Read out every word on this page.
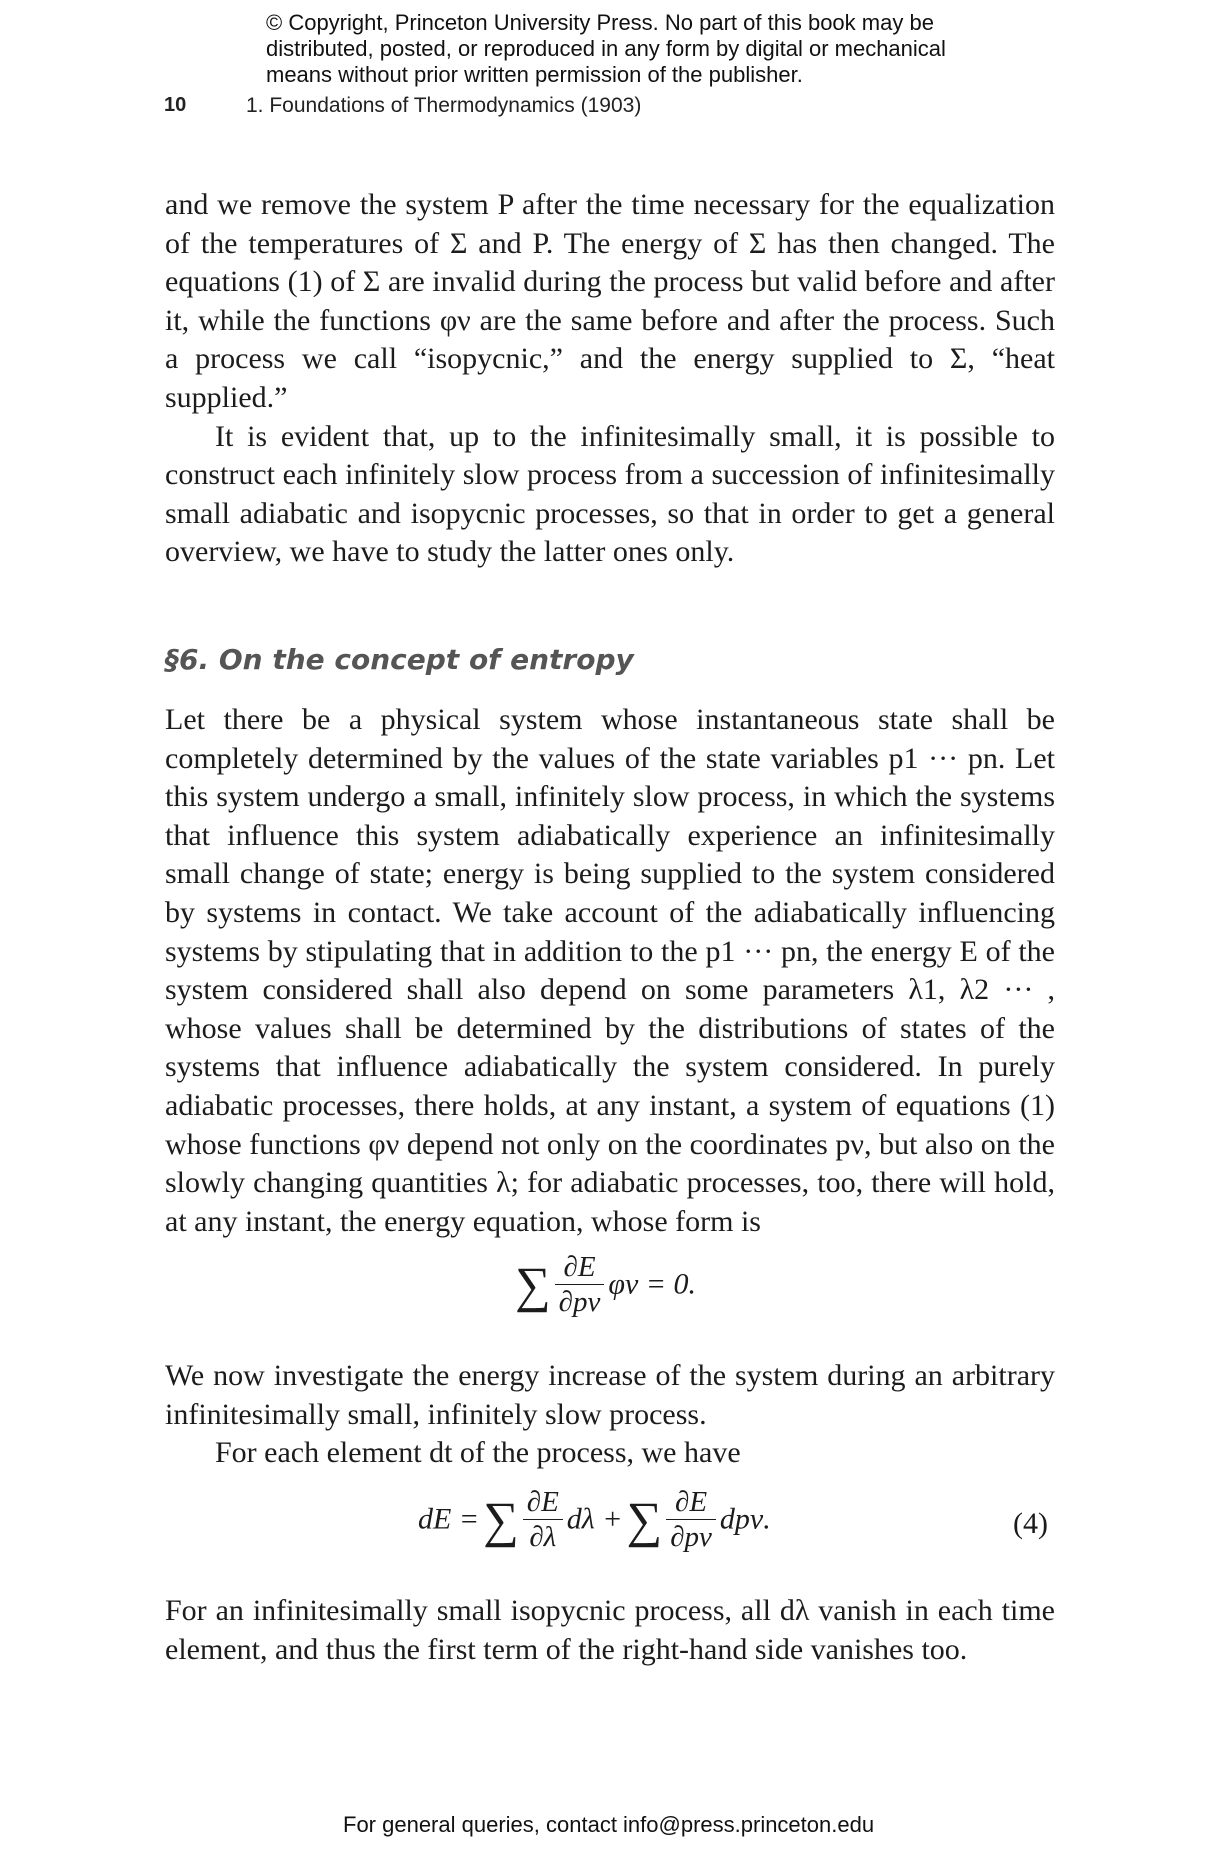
© Copyright, Princeton University Press. No part of this book may be
distributed, posted, or reproduced in any form by digital or mechanical
means without prior written permission of the publisher.
10	1. Foundations of Thermodynamics (1903)

and we remove the system P after the time necessary for the equalization of the temperatures of Σ and P. The energy of Σ has then changed. The equations (1) of Σ are invalid during the process but valid before and after it, while the functions φν are the same before and after the process. Such a process we call “isopycnic,” and the energy supplied to Σ, “heat supplied.”

It is evident that, up to the infinitesimally small, it is possible to construct each infinitely slow process from a succession of infinitesimally small adiabatic and isopycnic processes, so that in order to get a general overview, we have to study the latter ones only.

§6. On the concept of entropy

Let there be a physical system whose instantaneous state shall be completely determined by the values of the state variables p1 ··· pn. Let this system undergo a small, infinitely slow process, in which the systems that influence this system adiabatically experience an infinitesimally small change of state; energy is being supplied to the system considered by systems in contact. We take account of the adiabatically influencing systems by stipulating that in addition to the p1 ··· pn, the energy E of the system considered shall also depend on some parameters λ1, λ2 ··· , whose values shall be determined by the distributions of states of the systems that influence adiabatically the system considered. In purely adiabatic processes, there holds, at any instant, a system of equations (1) whose functions φν depend not only on the coordinates pν, but also on the slowly changing quantities λ; for adiabatic processes, too, there will hold, at any instant, the energy equation, whose form is

∑ $\frac{\partial E}{\partial p\nu}$ φν = 0.

We now investigate the energy increase of the system during an arbitrary infinitesimally small, infinitely slow process.

For each element dt of the process, we have

dE = ∑ $\frac{\partial E}{\partial\lambda}$ dλ + ∑ $\frac{\partial E}{\partial p\nu} dp\nu$.	(4)

For an infinitesimally small isopycnic process, all dλ vanish in each time element, and thus the first term of the right-hand side vanishes too.

For general queries, contact info@press.princeton.edu
